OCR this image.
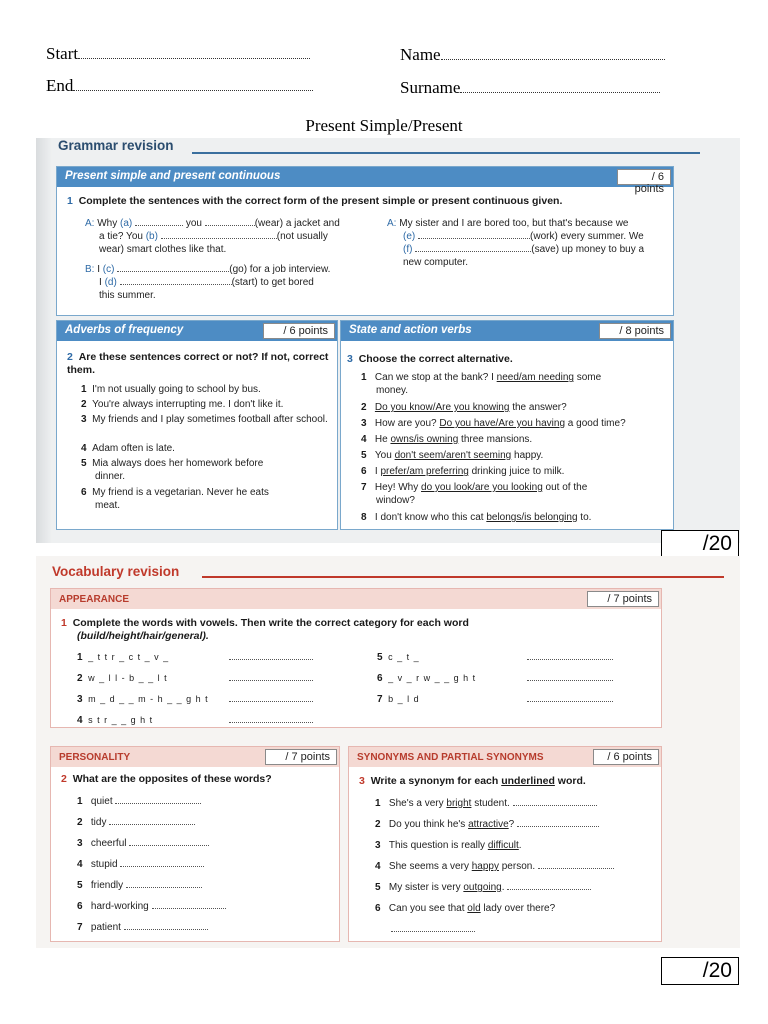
Start
End
Name
Surname
Present Simple/Present
Grammar revision
Present simple and present continuous	/ 6 points
1 Complete the sentences with the correct form of the present simple or present continuous given.
A: Why (a)	you	(wear) a jacket and
a tie? You (b)	(not usually
wear) smart clothes like that.
B: I (c)	(go) for a job interview.
I (d)	(start) to get bored
this summer.
A: My sister and I are bored too, but that's because we
(e)	(work) every summer. We
(f)	(save) up money to buy a
new computer.
Adverbs of frequency	/ 6 points
2 Are these sentences correct or not? If not, correct them.
1 I'm not usually going to school by bus.
2 You're always interrupting me. I don't like it.
3 My friends and I play sometimes football after school.
4 Adam often is late.
5 Mia always does her homework before dinner.
6 My friend is a vegetarian. Never he eats meat.
State and action verbs	/ 8 points
3 Choose the correct alternative.
1 Can we stop at the bank? I need/am needing some money.
2 Do you know/Are you knowing the answer?
3 How are you? Do you have/Are you having a good time?
4 He owns/is owning three mansions.
5 You don't seem/aren't seeming happy.
6 I prefer/am preferring drinking juice to milk.
7 Hey! Why do you look/are you looking out of the window?
8 I don't know who this cat belongs/is belonging to.
/20
Vocabulary revision
APPEARANCE	/ 7 points
1 Complete the words with vowels. Then write the correct category for each word
(build/height/hair/general).
1 _ t t r _ c t _ v _
2 w _ l l - b _ _ l t
3 m _ d _ _ m - h _ _ g h t
4 s t r _ _ g h t
5 c _ t _
6 _ v _ r w _ _ g h t
7 b _ l d
PERSONALITY	/ 7 points
2 What are the opposites of these words?
1 quiet
2 tidy
3 cheerful
4 stupid
5 friendly
6 hard-working
7 patient
SYNONYMS AND PARTIAL SYNONYMS	/ 6 points
3 Write a synonym for each underlined word.
1 She's a very bright student.
2 Do you think he's attractive?
3 This question is really difficult.
4 She seems a very happy person.
5 My sister is very outgoing.
6 Can you see that old lady over there?
/20
